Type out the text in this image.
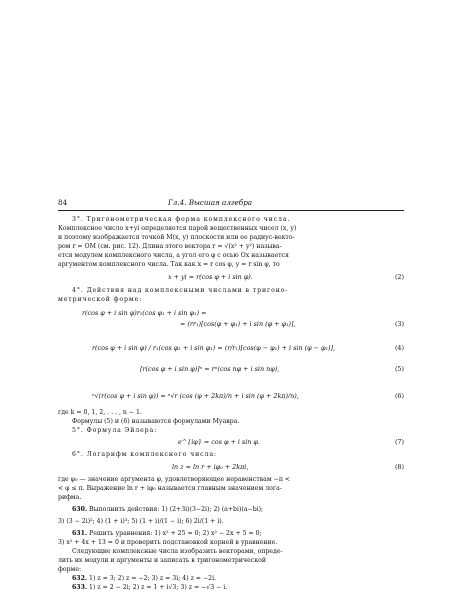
84	Гл.4. Высшая алгебра
3°. Тригонометрическая форма комплексного числа.
Комплексное число x+yi определяется парой вещественных чисел (x, y)
и поэтому изображается точкой M(x, y) плоскости или ее радиус-векто-
ром r = OM (см. рис. 12). Длина этого вектора r = √(x² + y²) называ-
ется модулем комплексного числа, а угол его φ с осью Ox называется
аргументом комплексного числа. Так как x = r cos φ, y = r sin φ, то
x + yi = r(cos φ + i sin φ).	(2)
4°. Действия над комплексными числами в тригоно-
метрической форме:
r(cos φ + i sin φ)r₁(cos φ₁ + i sin φ₁) =
= (rr₁)[cos(φ + φ₁) + i sin (φ + φ₁)],	(3)
r(cos φ + i sin φ) / r₁(cos φ₁ + i sin φ₁) = (r/r₁)[cos(φ − φ₁) + i sin (φ − φ₁)],	(4)
[r(cos φ + i sin φ)]ⁿ = rⁿ(cos nφ + i sin nφ),	(5)
ⁿ√(r(cos φ + i sin φ)) = ⁿ√r (cos (φ + 2kπ)/n + i sin (φ + 2kπ)/n),	(6)
где k = 0, 1, 2, . . . , n − 1.
Формулы (5) и (6) называются формулами Муавра.
5°. Формула Эйлера:
e^{iφ} = cos φ + i sin φ.	(7)
6°. Логарифм комплексного числа:
ln z = ln r + iφ₀ + 2kπi,	(8)
где φ₀ — значение аргумента φ, удовлетворяющее неравенствам −π <
< φ ≤ π. Выражение ln r + iφ₀ называется главным значением лога-
рифма.
630. Выполнить действия: 1) (2+3i)(3−2i); 2) (a+bi)(a−bi);
3) (3 − 2i)²; 4) (1 + i)³; 5) (1 + i)/(1 − i); 6) 2i/(1 + i).
631. Решить уравнения: 1) x² + 25 = 0; 2) x² − 2x + 5 = 0;
3) x² + 4x + 13 = 0 и проверить подстановкой корней в уравнение.
Следующие комплексные числа изобразить векторами, опреде-
лить их модули и аргументы и записать в тригонометрической
форме:
632. 1) z = 3; 2) z = −2; 3) z = 3i; 4) z = −2i.
633. 1) z = 2 − 2i; 2) z = 1 + i√3; 3) z = −√3 − i.
